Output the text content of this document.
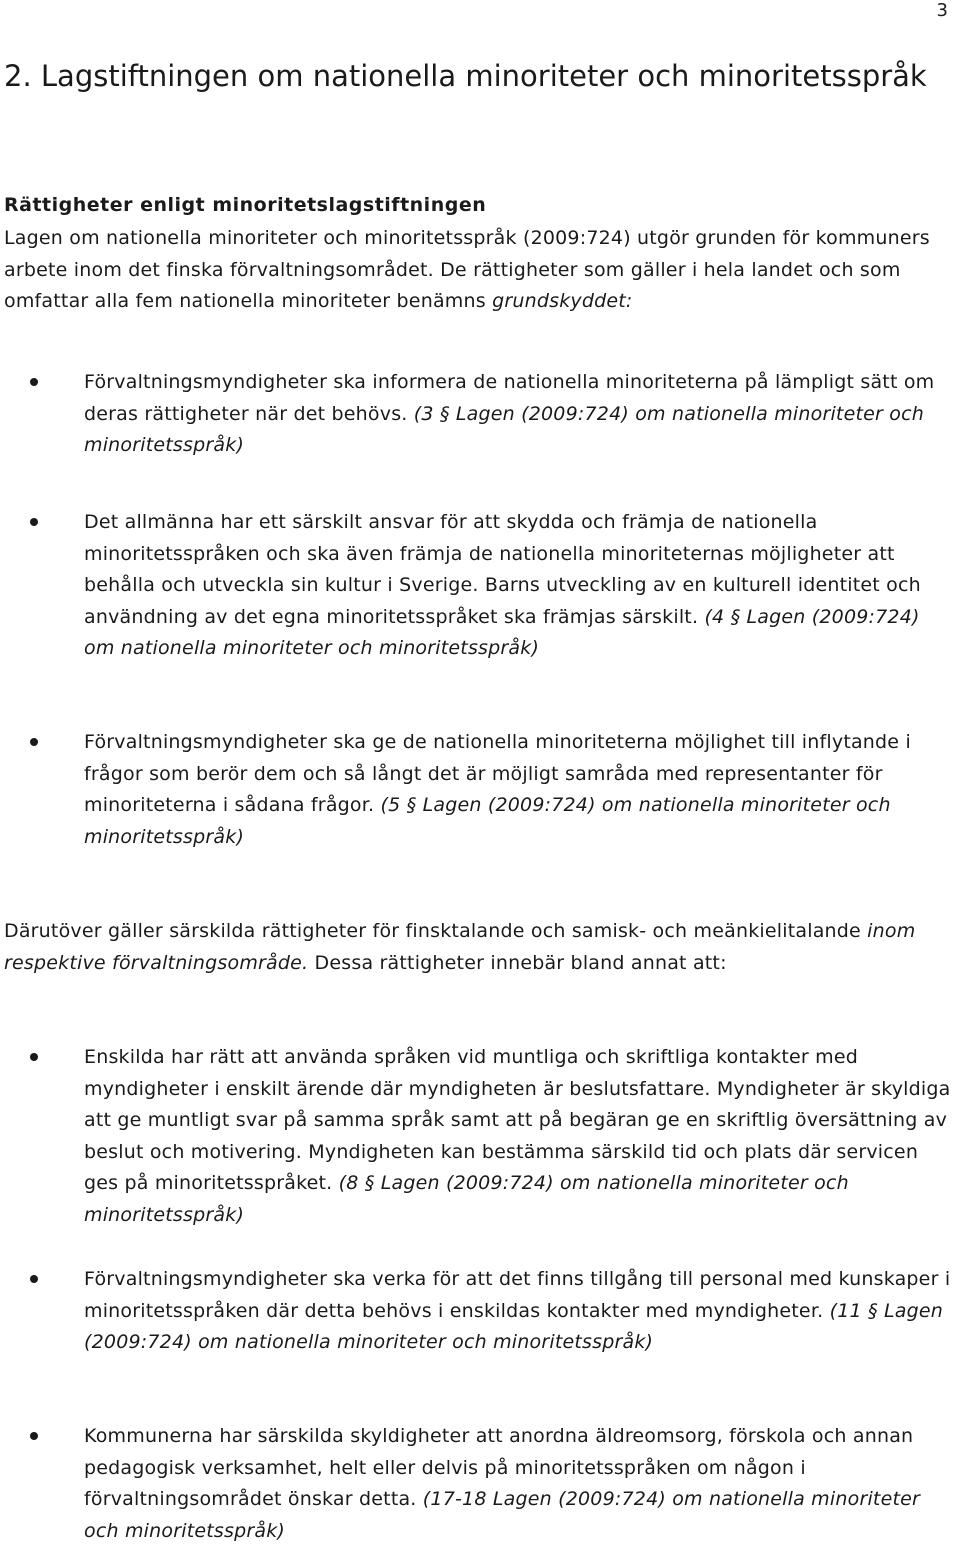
3
2. Lagstiftningen om nationella minoriteter och minoritetsspråk
Rättigheter enligt minoritetslagstiftningen

Lagen om nationella minoriteter och minoritetsspråk (2009:724) utgör grunden för kommuners arbete inom det finska förvaltningsområdet. De rättigheter som gäller i hela landet och som omfattar alla fem nationella minoriteter benämns grundskyddet:

Förvaltningsmyndigheter ska informera de nationella minoriteterna på lämpligt sätt om deras rättigheter när det behövs. (3 § Lagen (2009:724) om nationella minoriteter och minoritetsspråk)
Det allmänna har ett särskilt ansvar för att skydda och främja de nationella minoritetsspråken och ska även främja de nationella minoriteternas möjligheter att behålla och utveckla sin kultur i Sverige. Barns utveckling av en kulturell identitet och användning av det egna minoritetsspråket ska främjas särskilt. (4 § Lagen (2009:724) om nationella minoriteter och minoritetsspråk)
Förvaltningsmyndigheter ska ge de nationella minoriteterna möjlighet till inflytande i frågor som berör dem och så långt det är möjligt samråda med representanter för minoriteterna i sådana frågor. (5 § Lagen (2009:724) om nationella minoriteter och minoritetsspråk)

Därutöver gäller särskilda rättigheter för finsktalande och samisk- och meänkielitalande inom respektive förvaltningsområde. Dessa rättigheter innebär bland annat att:

Enskilda har rätt att använda språken vid muntliga och skriftliga kontakter med myndigheter i enskilt ärende där myndigheten är beslutsfattare. Myndigheter är skyldiga att ge muntligt svar på samma språk samt att på begäran ge en skriftlig översättning av beslut och motivering. Myndigheten kan bestämma särskild tid och plats där servicen ges på minoritetsspråket. (8 § Lagen (2009:724) om nationella minoriteter och minoritetsspråk)
Förvaltningsmyndigheter ska verka för att det finns tillgång till personal med kunskaper i minoritetsspråken där detta behövs i enskildas kontakter med myndigheter. (11 § Lagen (2009:724) om nationella minoriteter och minoritetsspråk)
Kommunerna har särskilda skyldigheter att anordna äldreomsorg, förskola och annan pedagogisk verksamhet, helt eller delvis på minoritetsspråken om någon i förvaltningsområdet önskar detta. (17-18 Lagen (2009:724) om nationella minoriteter och minoritetsspråk)
